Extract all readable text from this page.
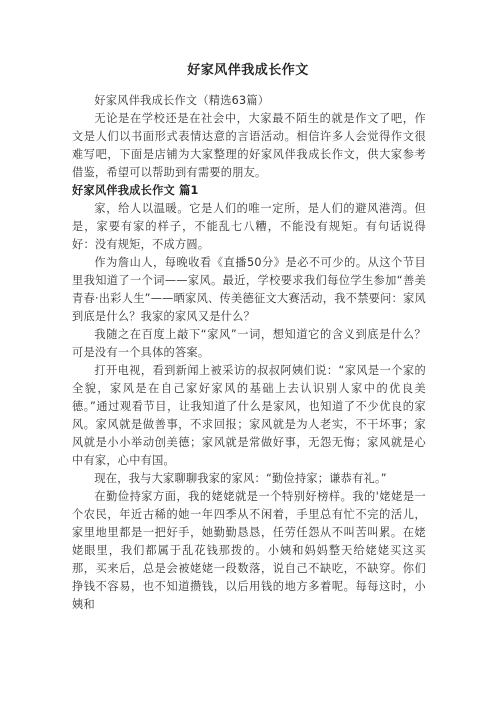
好家风伴我成长作文

好家风伴我成长作文（精选63篇）

无论是在学校还是在社会中，大家最不陌生的就是作文了吧，作文是人们以书面形式表情达意的言语活动。相信许多人会觉得作文很难写吧，下面是店铺为大家整理的好家风伴我成长作文，供大家参考借鉴，希望可以帮助到有需要的朋友。

好家风伴我成长作文 篇1

家，给人以温暖。它是人们的唯一定所，是人们的避风港湾。但是，家要有家的样子，不能乱七八糟，不能没有规矩。有句话说得好：没有规矩，不成方圆。

作为詹山人，每晚收看《直播50分》是必不可少的。从这个节目里我知道了一个词——家风。最近，学校要求我们每位学生参加“善美青春·出彩人生”——晒家风、传美德征文大赛活动，我不禁要问：家风到底是什么？我家的家风又是什么？

我随之在百度上敲下“家风”一词，想知道它的含义到底是什么？可是没有一个具体的答案。

打开电视，看到新闻上被采访的叔叔阿姨们说：“家风是一个家的全貌，家风是在自己家好家风的基础上去认识别人家中的优良美德。”通过观看节目，让我知道了什么是家风，也知道了不少优良的家风。家风就是做善事，不求回报；家风就是为人老实，不干坏事；家风就是小小举动创美德；家风就是常做好事，无怨无悔；家风就是心中有家，心中有国。

现在，我与大家聊聊我家的家风：“勤俭持家；谦恭有礼。”

在勤俭持家方面，我的姥姥就是一个特别好榜样。我的'姥姥是一个农民，年近古稀的她一年四季从不闲着，手里总有忙不完的活儿，家里地里都是一把好手，她勤勤恳恳，任劳任怨从不叫苦叫累。在姥姥眼里，我们都属于乱花钱那拨的。小姨和妈妈整天给姥姥买这买那，买来后，总是会被姥姥一段数落，说自己不缺吃，不缺穿。你们挣钱不容易，也不知道攒钱，以后用钱的地方多着呢。每每这时，小姨和
